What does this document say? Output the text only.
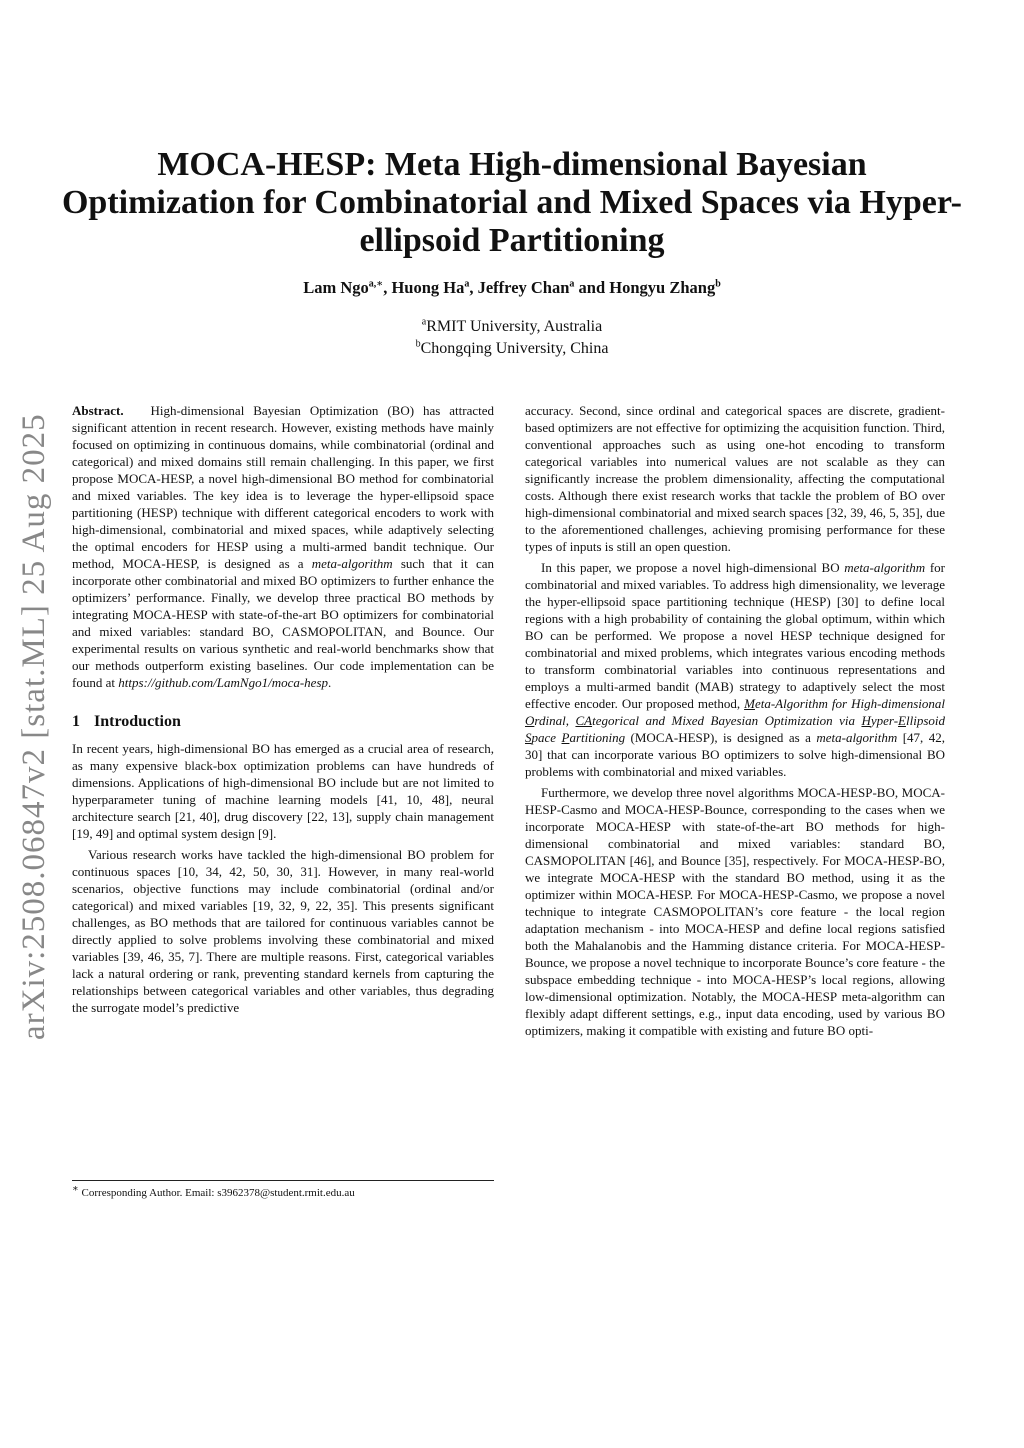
MOCA-HESP: Meta High-dimensional Bayesian Optimization for Combinatorial and Mixed Spaces via Hyper-ellipsoid Partitioning
Lam Ngo$^{a,∗}$, Huong Ha$^a$, Jeffrey Chan$^a$ and Hongyu Zhang$^b$
$^a$RMIT University, Australia
$^b$Chongqing University, China
arXiv:2508.06847v2 [stat.ML] 25 Aug 2025

Abstract. High-dimensional Bayesian Optimization (BO) has attracted significant attention in recent research. However, existing methods have mainly focused on optimizing in continuous domains, while combinatorial (ordinal and categorical) and mixed domains still remain challenging. In this paper, we first propose MOCA-HESP, a novel high-dimensional BO method for combinatorial and mixed variables. The key idea is to leverage the hyper-ellipsoid space partitioning (HESP) technique with different categorical encoders to work with high-dimensional, combinatorial and mixed spaces, while adaptively selecting the optimal encoders for HESP using a multi-armed bandit technique. Our method, MOCA-HESP, is designed as a meta-algorithm such that it can incorporate other combinatorial and mixed BO optimizers to further enhance the optimizers’ performance. Finally, we develop three practical BO methods by integrating MOCA-HESP with state-of-the-art BO optimizers for combinatorial and mixed variables: standard BO, CASMOPOLITAN, and Bounce. Our experimental results on various synthetic and real-world benchmarks show that our methods outperform existing baselines. Our code implementation can be found at https://github.com/LamNgo1/moca-hesp.

1 Introduction

In recent years, high-dimensional BO has emerged as a crucial area of research, as many expensive black-box optimization problems can have hundreds of dimensions. Applications of high-dimensional BO include but are not limited to hyperparameter tuning of machine learning models [41, 10, 48], neural architecture search [21, 40], drug discovery [22, 13], supply chain management [19, 49] and optimal system design [9].

Various research works have tackled the high-dimensional BO problem for continuous spaces [10, 34, 42, 50, 30, 31]. However, in many real-world scenarios, objective functions may include combinatorial (ordinal and/or categorical) and mixed variables [19, 32, 9, 22, 35]. This presents significant challenges, as BO methods that are tailored for continuous variables cannot be directly applied to solve problems involving these combinatorial and mixed variables [39, 46, 35, 7]. There are multiple reasons. First, categorical variables lack a natural ordering or rank, preventing standard kernels from capturing the relationships between categorical variables and other variables, thus degrading the surrogate model’s predictive

accuracy. Second, since ordinal and categorical spaces are discrete, gradient-based optimizers are not effective for optimizing the acquisition function. Third, conventional approaches such as using one-hot encoding to transform categorical variables into numerical values are not scalable as they can significantly increase the problem dimensionality, affecting the computational costs. Although there exist research works that tackle the problem of BO over high-dimensional combinatorial and mixed search spaces [32, 39, 46, 5, 35], due to the aforementioned challenges, achieving promising performance for these types of inputs is still an open question.

In this paper, we propose a novel high-dimensional BO meta-algorithm for combinatorial and mixed variables. To address high dimensionality, we leverage the hyper-ellipsoid space partitioning technique (HESP) [30] to define local regions with a high probability of containing the global optimum, within which BO can be performed. We propose a novel HESP technique designed for combinatorial and mixed problems, which integrates various encoding methods to transform combinatorial variables into continuous representations and employs a multi-armed bandit (MAB) strategy to adaptively select the most effective encoder. Our proposed method, Meta-Algorithm for High-dimensional Ordinal, CAtegorical and Mixed Bayesian Optimization via Hyper-Ellipsoid Space Partitioning (MOCA-HESP), is designed as a meta-algorithm [47, 42, 30] that can incorporate various BO optimizers to solve high-dimensional BO problems with combinatorial and mixed variables.

Furthermore, we develop three novel algorithms MOCA-HESP-BO, MOCA-HESP-Casmo and MOCA-HESP-Bounce, corresponding to the cases when we incorporate MOCA-HESP with state-of-the-art BO methods for high-dimensional combinatorial and mixed variables: standard BO, CASMOPOLITAN [46], and Bounce [35], respectively. For MOCA-HESP-BO, we integrate MOCA-HESP with the standard BO method, using it as the optimizer within MOCA-HESP. For MOCA-HESP-Casmo, we propose a novel technique to integrate CASMOPOLITAN’s core feature - the local region adaptation mechanism - into MOCA-HESP and define local regions satisfied both the Mahalanobis and the Hamming distance criteria. For MOCA-HESP-Bounce, we propose a novel technique to incorporate Bounce’s core feature - the subspace embedding technique - into MOCA-HESP’s local regions, allowing low-dimensional optimization. Notably, the MOCA-HESP meta-algorithm can flexibly adapt different settings, e.g., input data encoding, used by various BO optimizers, making it compatible with existing and future BO opti-

∗ Corresponding Author. Email: s3962378@student.rmit.edu.au
